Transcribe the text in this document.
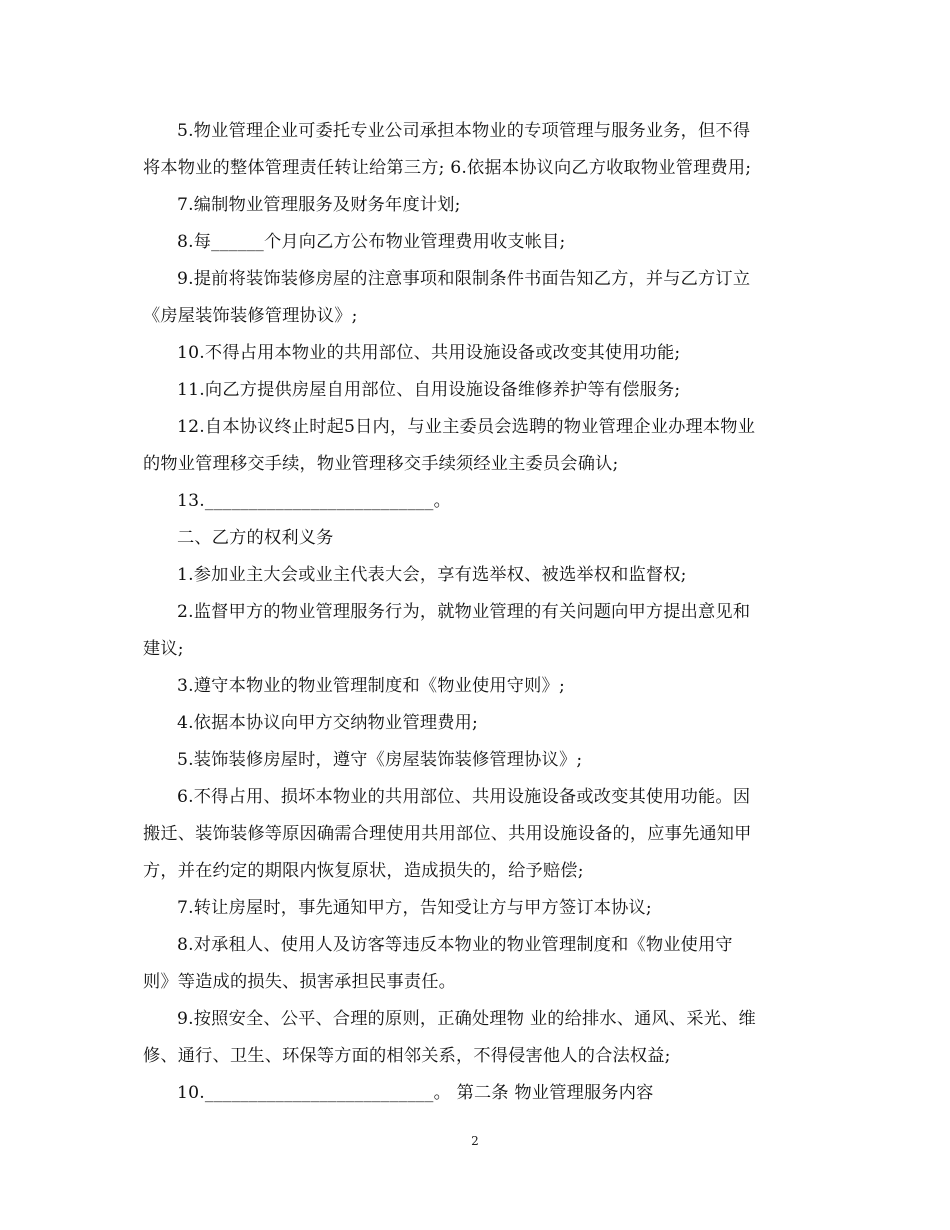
5.物业管理企业可委托专业公司承担本物业的专项管理与服务业务，但不得
将本物业的整体管理责任转让给第三方; 6.依据本协议向乙方收取物业管理费用;
7.编制物业管理服务及财务年度计划;
8.每______个月向乙方公布物业管理费用收支帐目;
9.提前将装饰装修房屋的注意事项和限制条件书面告知乙方，并与乙方订立
《房屋装饰装修管理协议》;
10.不得占用本物业的共用部位、共用设施设备或改变其使用功能;
11.向乙方提供房屋自用部位、自用设施设备维修养护等有偿服务;
12.自本协议终止时起5日内，与业主委员会选聘的物业管理企业办理本物业
的物业管理移交手续，物业管理移交手续须经业主委员会确认;
13.__________________________。
二、乙方的权利义务
1.参加业主大会或业主代表大会，享有选举权、被选举权和监督权;
2.监督甲方的物业管理服务行为，就物业管理的有关问题向甲方提出意见和
建议;
3.遵守本物业的物业管理制度和《物业使用守则》;
4.依据本协议向甲方交纳物业管理费用;
5.装饰装修房屋时，遵守《房屋装饰装修管理协议》;
6.不得占用、损坏本物业的共用部位、共用设施设备或改变其使用功能。因
搬迁、装饰装修等原因确需合理使用共用部位、共用设施设备的，应事先通知甲
方，并在约定的期限内恢复原状，造成损失的，给予赔偿;
7.转让房屋时，事先通知甲方，告知受让方与甲方签订本协议;
8.对承租人、使用人及访客等违反本物业的物业管理制度和《物业使用守
则》等造成的损失、损害承担民事责任。
9.按照安全、公平、合理的原则，正确处理物 业的给排水、通风、采光、维
修、通行、卫生、环保等方面的相邻关系，不得侵害他人的合法权益;
10.__________________________。 第二条 物业管理服务内容
2
